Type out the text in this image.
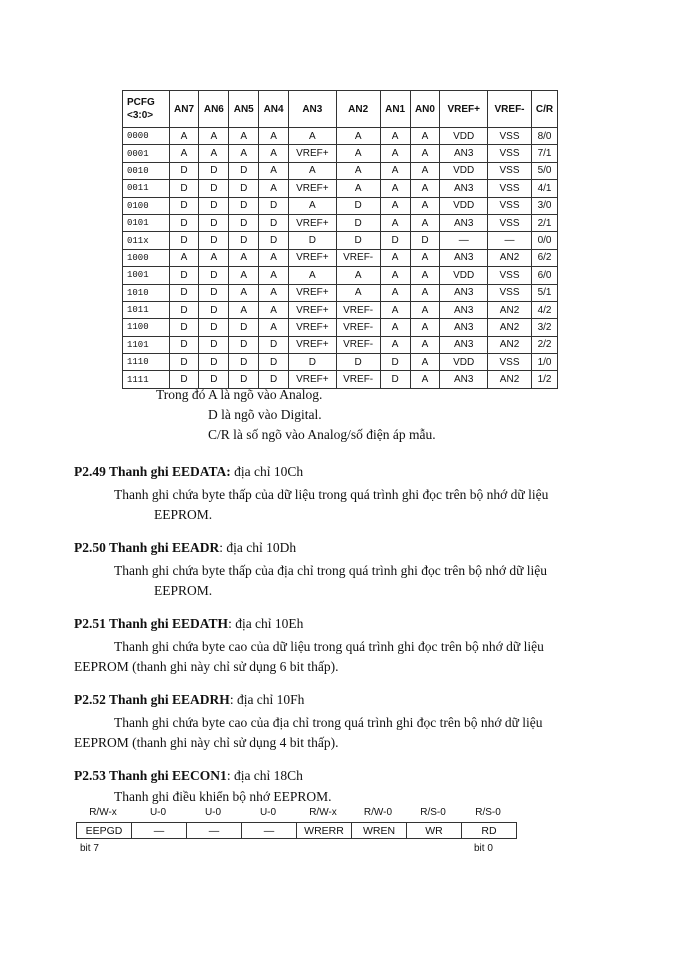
PCFG
<3:0>	AN7	AN6	AN5	AN4	AN3	AN2	AN1	AN0	VREF+	VREF-	C/R
0000	A	A	A	A	A	A	A	A	VDD	VSS	8/0
0001	A	A	A	A	VREF+	A	A	A	AN3	VSS	7/1
0010	D	D	D	A	A	A	A	A	VDD	VSS	5/0
0011	D	D	D	A	VREF+	A	A	A	AN3	VSS	4/1
0100	D	D	D	D	A	D	A	A	VDD	VSS	3/0
0101	D	D	D	D	VREF+	D	A	A	AN3	VSS	2/1
011x	D	D	D	D	D	D	D	D	—	—	0/0
1000	A	A	A	A	VREF+	VREF-	A	A	AN3	AN2	6/2
1001	D	D	A	A	A	A	A	A	VDD	VSS	6/0
1010	D	D	A	A	VREF+	A	A	A	AN3	VSS	5/1
1011	D	D	A	A	VREF+	VREF-	A	A	AN3	AN2	4/2
1100	D	D	D	A	VREF+	VREF-	A	A	AN3	AN2	3/2
1101	D	D	D	D	VREF+	VREF-	A	A	AN3	AN2	2/2
1110	D	D	D	D	D	D	D	A	VDD	VSS	1/0
1111	D	D	D	D	VREF+	VREF-	D	A	AN3	AN2	1/2
Trong đó A là ngõ vào Analog.
D là ngõ vào Digital.
C/R là số ngõ vào Analog/số điện áp mẫu.
P2.49 Thanh ghi EEDATA: địa chỉ 10Ch
Thanh ghi chứa byte thấp của dữ liệu trong quá trình ghi đọc trên bộ nhớ dữ liệu
EEPROM.
P2.50 Thanh ghi EEADR: địa chỉ 10Dh
Thanh ghi chứa byte thấp của địa chỉ trong quá trình ghi đọc trên bộ nhớ dữ liệu
EEPROM.
P2.51 Thanh ghi EEDATH: địa chỉ 10Eh
Thanh ghi chứa byte cao của dữ liệu trong quá trình ghi đọc trên bộ nhớ dữ liệu
EEPROM (thanh ghi này chỉ sử dụng 6 bit thấp).
P2.52 Thanh ghi EEADRH: địa chỉ 10Fh
Thanh ghi chứa byte cao của địa chỉ trong quá trình ghi đọc trên bộ nhớ dữ liệu
EEPROM (thanh ghi này chỉ sử dụng 4 bit thấp).
P2.53 Thanh ghi EECON1: địa chỉ 18Ch
Thanh ghi điều khiển bộ nhớ EEPROM.
R/W-x	U-0	U-0	U-0	R/W-x	R/W-0	R/S-0	R/S-0
EEPGD	—	—	—	WRERR	WREN	WR	RD
bit 7	bit 0
